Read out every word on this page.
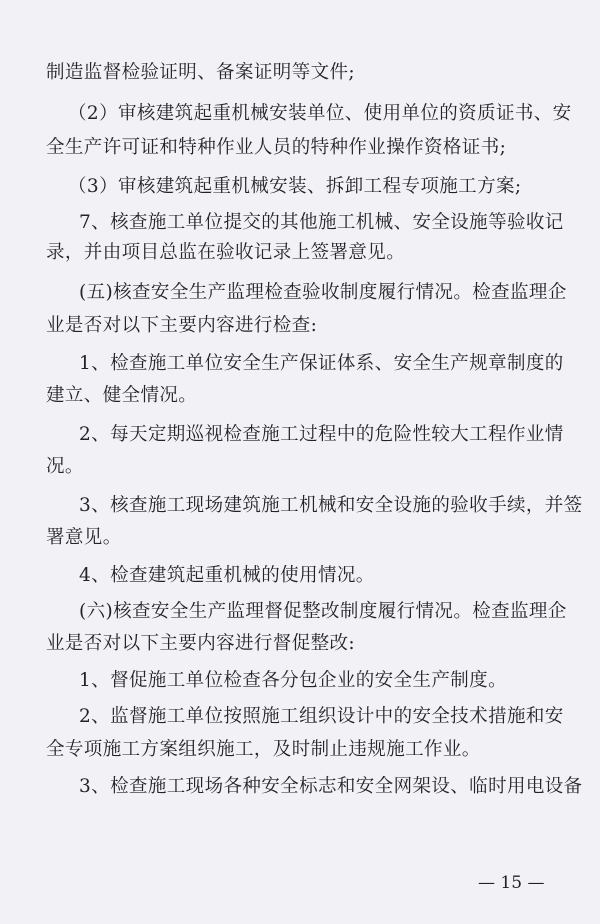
制造监督检验证明、备案证明等文件;
（2）审核建筑起重机械安装单位、使用单位的资质证书、安
全生产许可证和特种作业人员的特种作业操作资格证书;
（3）审核建筑起重机械安装、拆卸工程专项施工方案;
7、核查施工单位提交的其他施工机械、安全设施等验收记
录，并由项目总监在验收记录上签署意见。
(五)核查安全生产监理检查验收制度履行情况。检查监理企
业是否对以下主要内容进行检查:
1、检查施工单位安全生产保证体系、安全生产规章制度的
建立、健全情况。
2、每天定期巡视检查施工过程中的危险性较大工程作业情
况。
3、核查施工现场建筑施工机械和安全设施的验收手续，并签
署意见。
4、检查建筑起重机械的使用情况。
(六)核查安全生产监理督促整改制度履行情况。检查监理企
业是否对以下主要内容进行督促整改:
1、督促施工单位检查各分包企业的安全生产制度。
2、监督施工单位按照施工组织设计中的安全技术措施和安
全专项施工方案组织施工，及时制止违规施工作业。
3、检查施工现场各种安全标志和安全网架设、临时用电设备
— 15 —
